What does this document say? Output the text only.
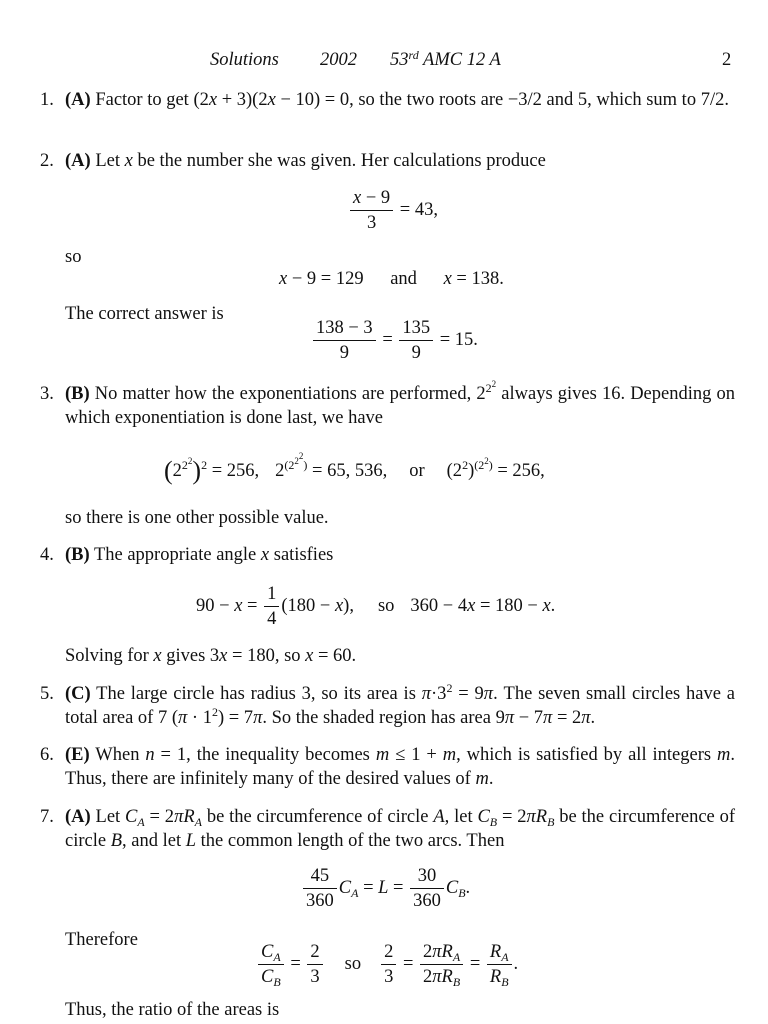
Solutions 2002 53rd AMC 12 A	2
1. (A) Factor to get (2x + 3)(2x − 10) = 0, so the two roots are −3/2 and 5, which sum to 7/2.
2. (A) Let x be the number she was given. Her calculations produce
$\frac{x - 9}{3} = 43$,
so
x − 9 = 129 and x = 138.
The correct answer is
$\frac{138 - 3}{9} = \frac{135}{9} = 15$.
3. (B) No matter how the exponentiations are performed, $2^{2^2}$ always gives 16. Depending on which exponentiation is done last, we have
$(2^{2^2})^2 = 256$, $2^{(2^{2^2})} = 65$, 536, or $(2^2)^{(2^2)} = 256$,
so there is one other possible value.
4. (B) The appropriate angle x satisfies
$90 - x = \frac{1}{4} (180 - x)$, so 360 − 4x = 180 − x.
Solving for x gives 3x = 180, so x = 60.
5. (C) The large circle has radius 3, so its area is $\pi\cdot 3^2 = 9\pi$. The seven small circles have a total area of 7 $(\pi \cdot 1^2) = 7\pi$. So the shaded region has area 9π − 7π = 2π.
6. (E) When n = 1, the inequality becomes m ≤ 1 + m, which is satisfied by all integers m. Thus, there are infinitely many of the desired values of m.
7. (A) Let $C_A = 2\pi R_A$ be the circumference of circle A, let $C_B = 2\pi R_B$ be the circumference of circle B, and let L the common length of the two arcs. Then
$\frac{45}{360} C_A = L = \frac{30}{360} C_B$.
Therefore	$\frac{C_A}{C_B} = \frac{2}{3}$ so $\frac{2}{3} = \frac{2\pi R_A}{2\pi R_B} = \frac{R_A}{R_B}$ .
Thus, the ratio of the areas is
